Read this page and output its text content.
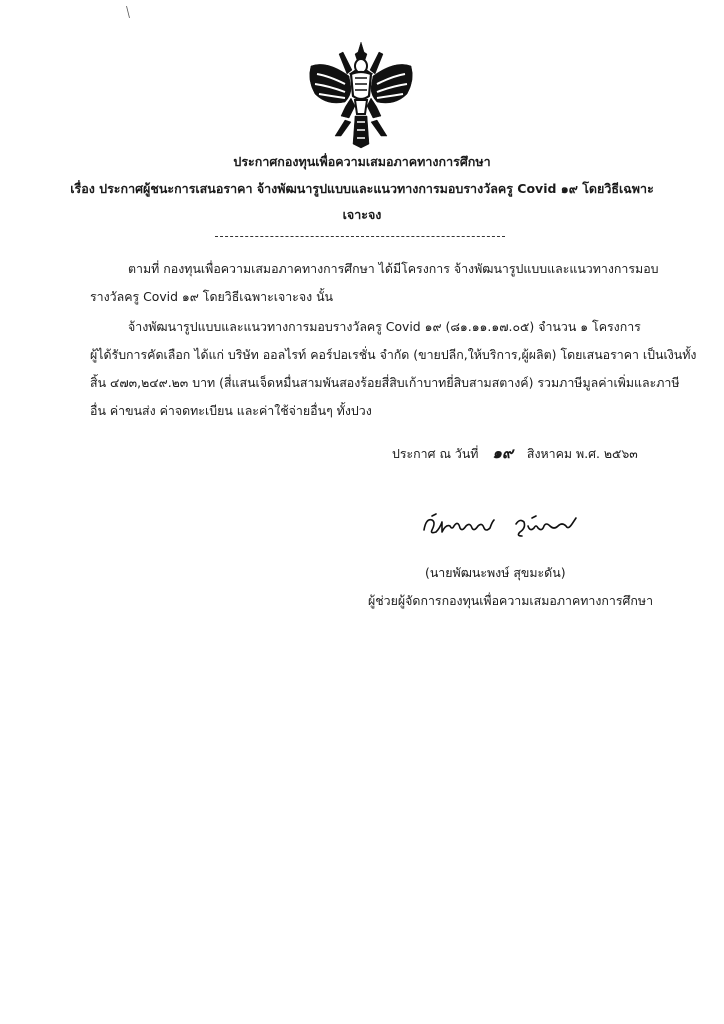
ประกาศกองทุนเพื่อความเสมอภาคทางการศึกษา
เรื่อง ประกาศผู้ชนะการเสนอราคา จ้างพัฒนารูปแบบและแนวทางการมอบรางวัลครู Covid ๑๙ โดยวิธีเฉพาะ
เจาะจง
ตามที่ กองทุนเพื่อความเสมอภาคทางการศึกษา ได้มีโครงการ จ้างพัฒนารูปแบบและแนวทางการมอบ
รางวัลครู Covid ๑๙ โดยวิธีเฉพาะเจาะจง นั้น
จ้างพัฒนารูปแบบและแนวทางการมอบรางวัลครู Covid ๑๙ (๘๑.๑๑.๑๗.๐๕) จำนวน ๑ โครงการ
ผู้ได้รับการคัดเลือก ได้แก่ บริษัท ออลไรท์ คอร์ปอเรชั่น จำกัด (ขายปลีก,ให้บริการ,ผู้ผลิต) โดยเสนอราคา เป็นเงินทั้ง
สิ้น ๔๗๓,๒๔๙.๒๓ บาท (สี่แสนเจ็ดหมื่นสามพันสองร้อยสี่สิบเก้าบาทยี่สิบสามสตางค์) รวมภาษีมูลค่าเพิ่มและภาษี
อื่น ค่าขนส่ง ค่าจดทะเบียน และค่าใช้จ่ายอื่นๆ ทั้งปวง
ประกาศ ณ วันที่ ๑๙ สิงหาคม พ.ศ. ๒๕๖๓
(นายพัฒนะพงษ์ สุขมะดัน)
ผู้ช่วยผู้จัดการกองทุนเพื่อความเสมอภาคทางการศึกษา
